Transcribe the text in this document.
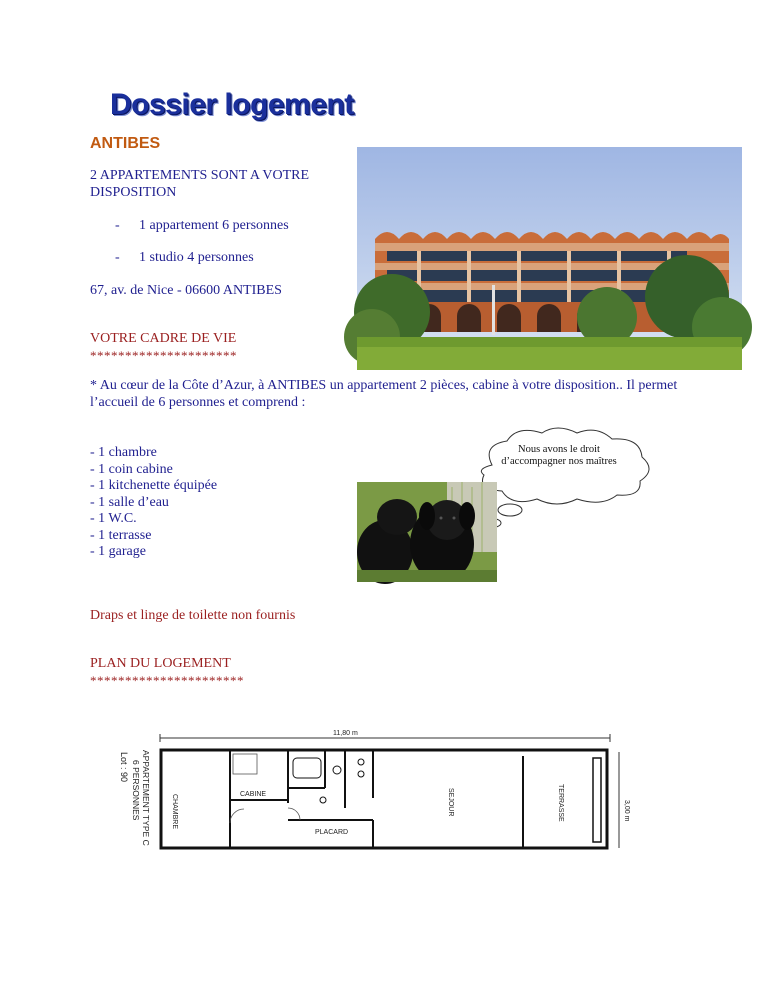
Dossier logement
ANTIBES
2 APPARTEMENTS SONT A VOTRE DISPOSITION
- 1 appartement 6 personnes
- 1 studio 4 personnes
67, av. de Nice - 06600 ANTIBES
VOTRE CADRE DE VIE
*********************
* Au cœur de la Côte d’Azur, à ANTIBES un appartement 2 pièces, cabine à votre disposition.. Il permet l’accueil de 6 personnes et comprend :
- 1 chambre
- 1 coin cabine
- 1 kitchenette équipée
- 1 salle d’eau
- 1 W.C.
- 1 terrasse
- 1 garage
Nous avons le droit d’accompagner nos maîtres
Draps et linge de toilette non fournis
PLAN DU LOGEMENT
**********************
11,80 m
3,00 m
APPARTEMENT TYPE C
6 PERSONNES
Lot : 90
CHAMBRE	CABINE
PLACARD
SEJOUR	TERRASSE
